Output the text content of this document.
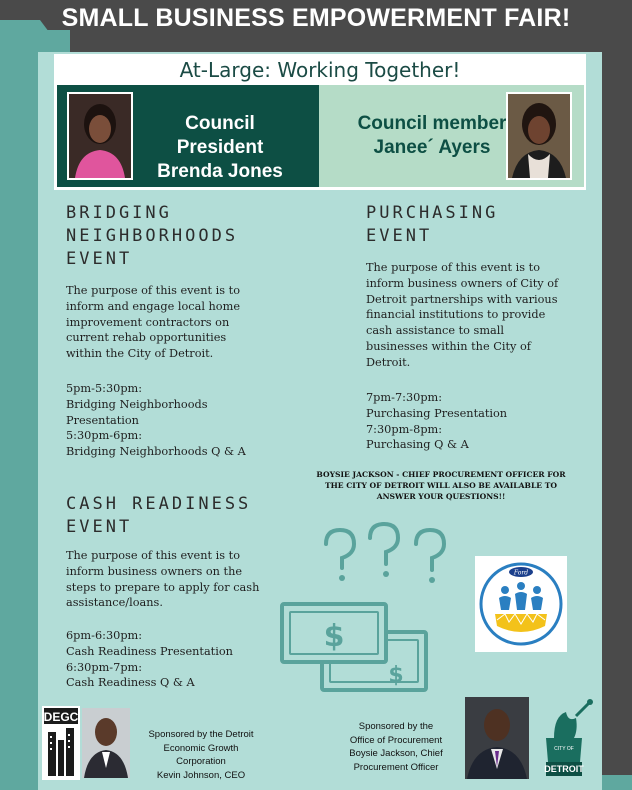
SMALL BUSINESS EMPOWERMENT FAIR!
At-Large: Working Together!
Council President
Brenda Jones
Council member
Janee´ Ayers
BRIDGING
NEIGHBORHOODS
EVENT
The purpose of this event is to
inform and engage local home
improvement contractors on
current rehab opportunities
within the City of Detroit.
5pm-5:30pm:
Bridging Neighborhoods
Presentation
5:30pm-6pm:
Bridging Neighborhoods Q & A
PURCHASING
EVENT
The purpose of this event is to
inform business owners of City of
Detroit partnerships with various
financial institutions to provide
cash assistance to small
businesses within the City of
Detroit.
7pm-7:30pm:
Purchasing Presentation
7:30pm-8pm:
Purchasing Q & A
BOYSIE JACKSON - CHIEF PROCUREMENT OFFICER FOR
THE CITY OF DETROIT WILL ALSO BE AVAILABLE TO
ANSWER YOUR QUESTIONS!!
CASH READINESS
EVENT
The purpose of this event is to
inform business owners on the
steps to prepare to apply for cash
assistance/loans.
6pm-6:30pm:
Cash Readiness Presentation
6:30pm-7pm:
Cash Readiness Q & A
$
$
Ford
DEGC
Sponsored by the Detroit
Economic Growth
Corporation
Kevin Johnson, CEO
Sponsored by the
Office of Procurement
Boysie Jackson, Chief
Procurement Officer
CITY OF
DETROIT
